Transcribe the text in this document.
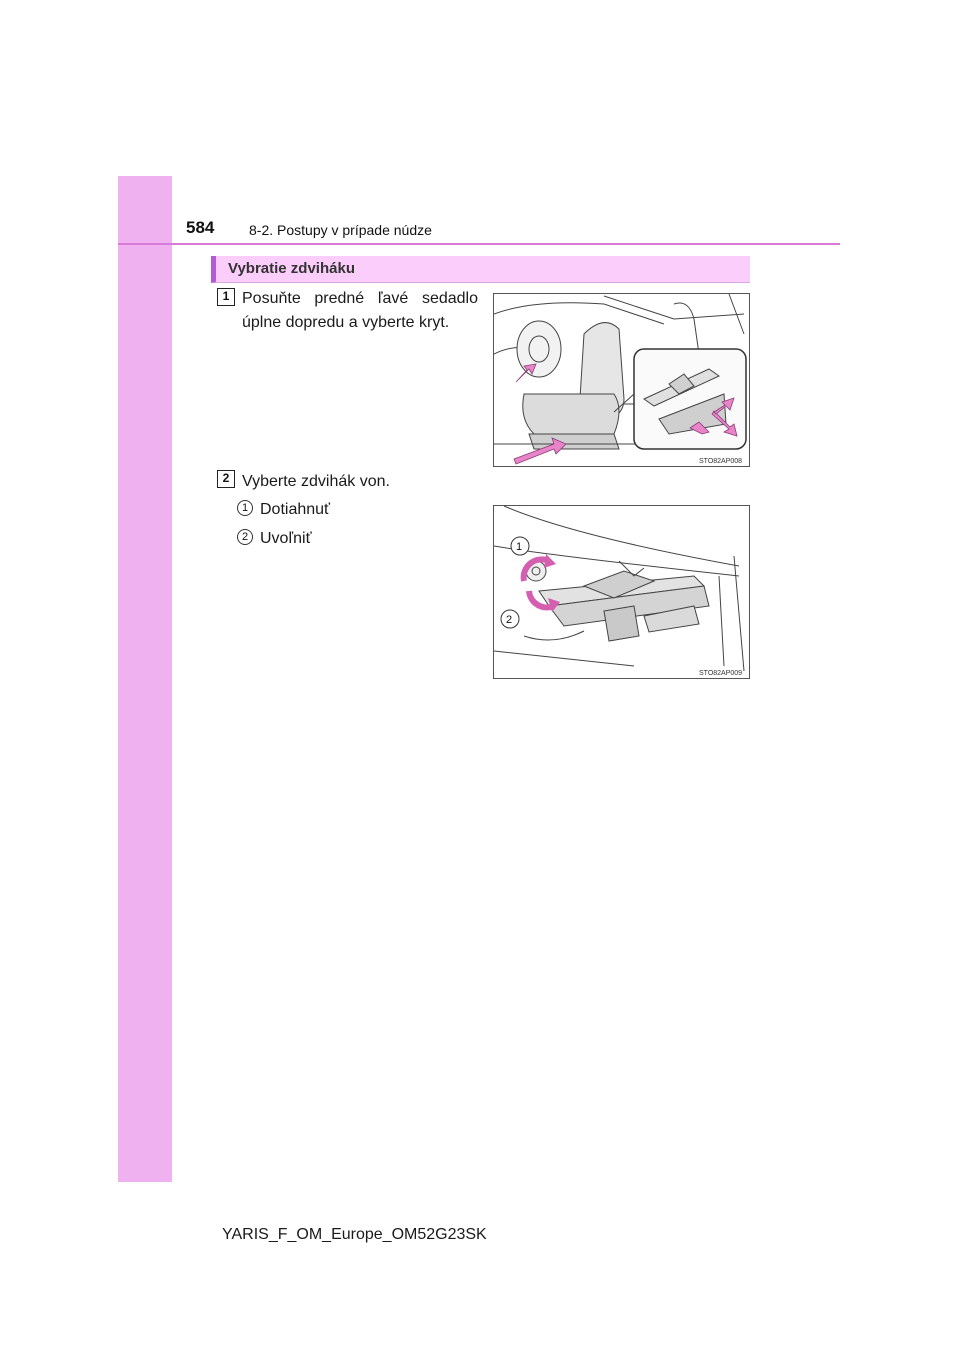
584 8-2. Postupy v prípade núdze
Vybratie zdviháku
1 Posuňte predné ľavé sedadlo úplne dopredu a vyberte kryt.
STO82AP008
2 Vyberte zdvihák von.
1 Dotiahnuť
2 Uvoľniť	1
2
STO82AP009
YARIS_F_OM_Europe_OM52G23SK
